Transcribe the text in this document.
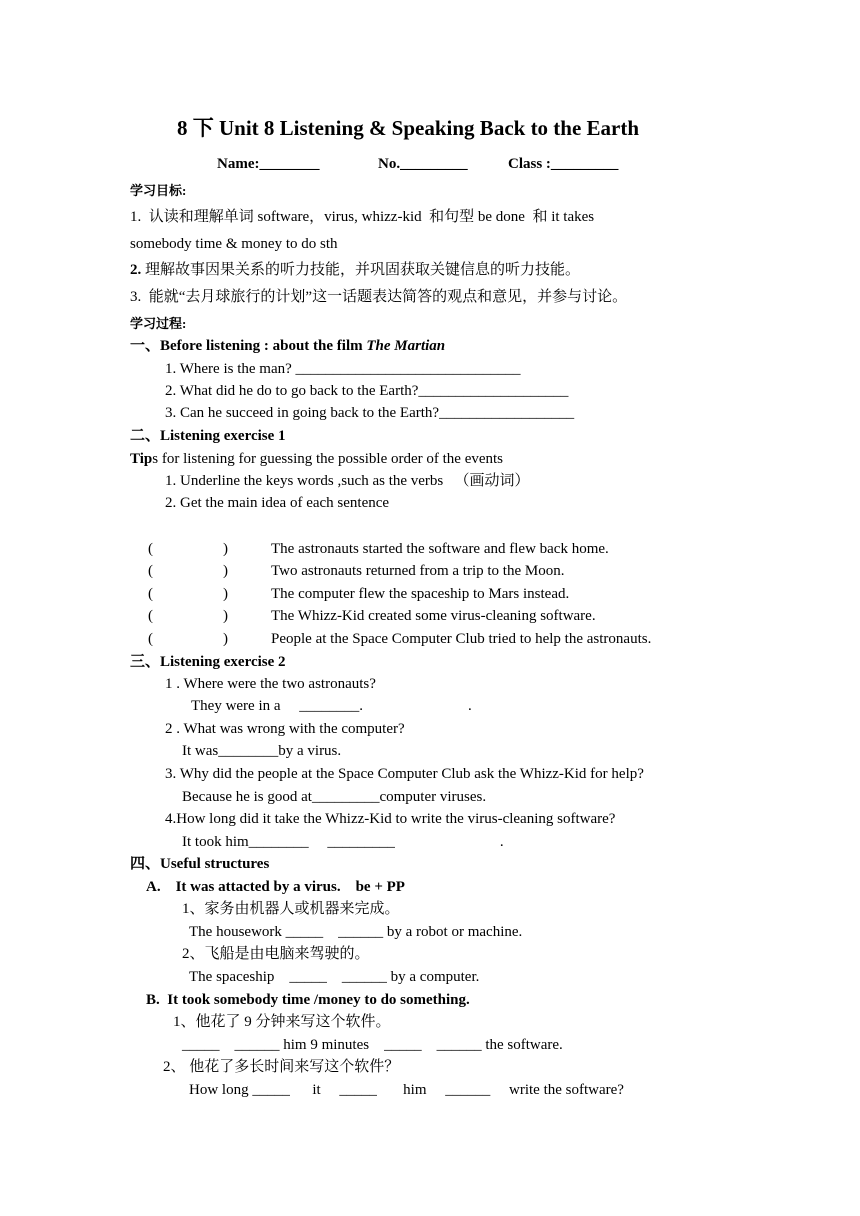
8 下 Unit 8 Listening & Speaking Back to the Earth
Name:________	No._________	Class :_________
学习目标:
1.  认读和理解单词 software，virus, whizz-kid  和句型 be done  和 it takes
somebody time & money to do sth
2. 理解故事因果关系的听力技能，并巩固获取关键信息的听力技能。
3.  能就“去月球旅行的计划”这一话题表达简答的观点和意见，并参与讨论。
学习过程:
一、Before listening : about the film The Martian
1. Where is the man? ______________________________
2. What did he do to go back to the Earth?____________________
3. Can he succeed in going back to the Earth?__________________
二、Listening exercise 1
Tips for listening for guessing the possible order of the events
1. Underline the keys words ,such as the verbs   （画动词）
2. Get the main idea of each sentence
(	)	The astronauts started the software and flew back home.
(	)	Two astronauts returned from a trip to the Moon.
(	)	The computer flew the spaceship to Mars instead.
(	)	The Whizz-Kid created some virus-cleaning software.
(	)	People at the Space Computer Club tried to help the astronauts.
三、Listening exercise 2
1 . Where were the two astronauts?
They were in a     ________.                            .
2 . What was wrong with the computer?
It was________by a virus.
3. Why did the people at the Space Computer Club ask the Whizz-Kid for help?
Because he is good at_________computer viruses.
4.How long did it take the Whizz-Kid to write the virus-cleaning software?
It took him________     _________                            .
四、Useful structures
A.    It was attacted by a virus.    be + PP
1、家务由机器人或机器来完成。
The housework _____    ______ by a robot or machine.
2、飞船是由电脑来驾驶的。
The spaceship    _____    ______ by a computer.
B.  It took somebody time /money to do something.
1、他花了 9 分钟来写这个软件。
_____    ______ him 9 minutes    _____    ______ the software.
2、 他花了多长时间来写这个软件？
How long _____      it     _____       him     ______     write the software?
